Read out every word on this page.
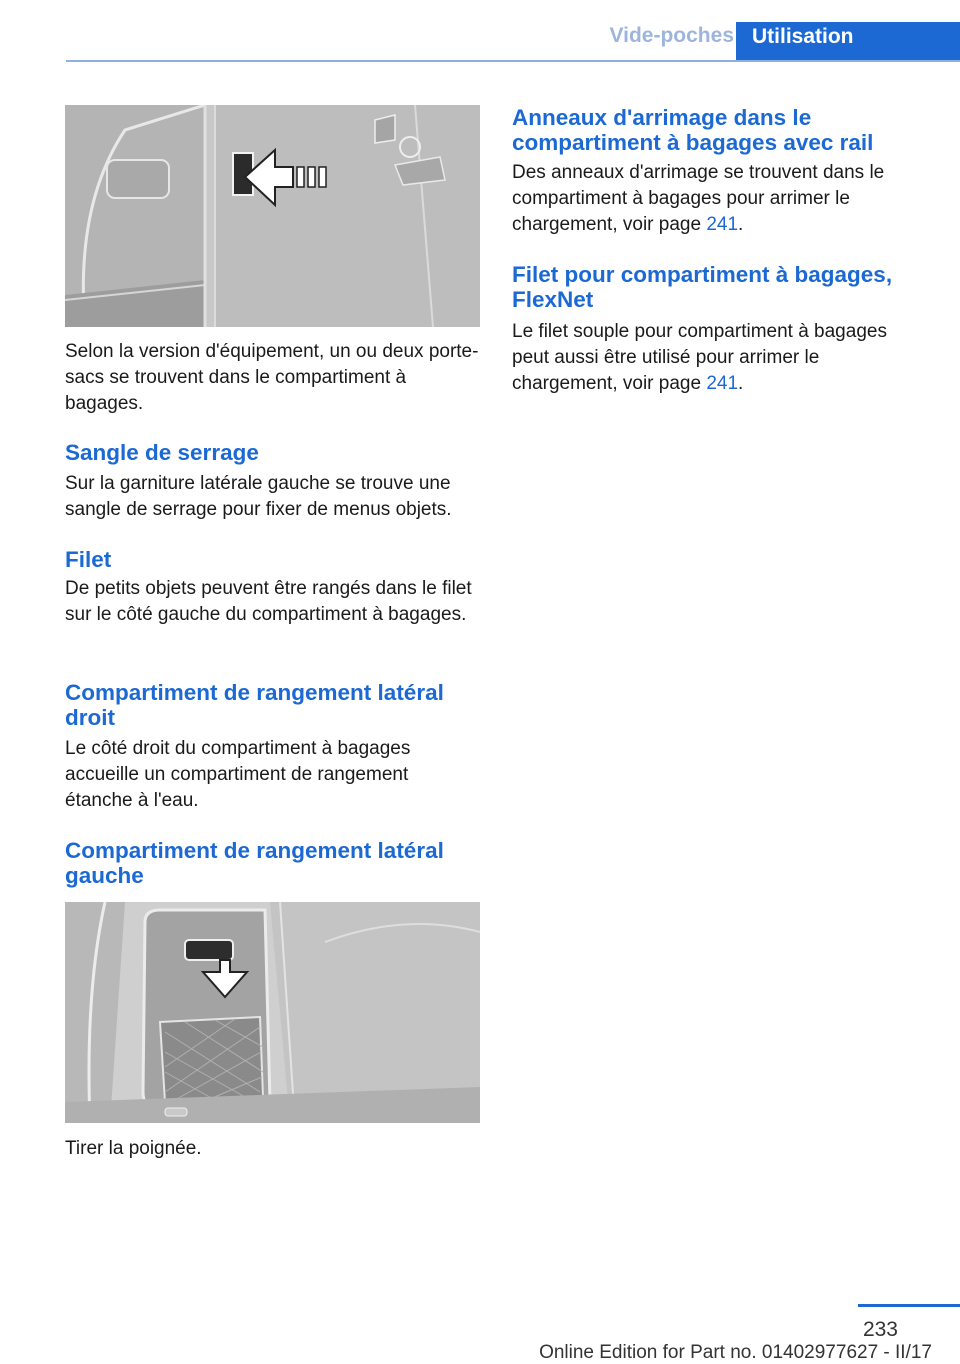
Vide-poches Utilisation

Selon la version d'équipement, un ou deux porte-sacs se trouvent dans le compartiment à bagages.

Sangle de serrage

Sur la garniture latérale gauche se trouve une sangle de serrage pour fixer de menus objets.

Filet

De petits objets peuvent être rangés dans le filet sur le côté gauche du compartiment à bagages.

Compartiment de rangement latéral droit

Le côté droit du compartiment à bagages accueille un compartiment de rangement étanche à l'eau.

Compartiment de rangement latéral gauche

Tirer la poignée.

Anneaux d'arrimage dans le compartiment à bagages avec rail

Des anneaux d'arrimage se trouvent dans le compartiment à bagages pour arrimer le chargement, voir page 241.

Filet pour compartiment à bagages, FlexNet

Le filet souple pour compartiment à bagages peut aussi être utilisé pour arrimer le chargement, voir page 241.

233
Online Edition for Part no. 01402977627 - II/17
